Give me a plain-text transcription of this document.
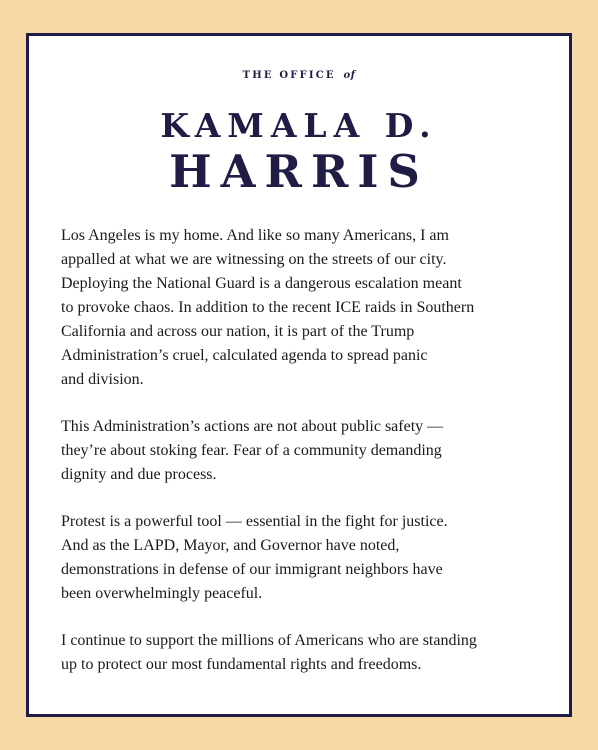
THE OFFICE of
KAMALA D.
HARRIS

Los Angeles is my home. And like so many Americans, I am
appalled at what we are witnessing on the streets of our city.
Deploying the National Guard is a dangerous escalation meant
to provoke chaos. In addition to the recent ICE raids in Southern
California and across our nation, it is part of the Trump
Administration’s cruel, calculated agenda to spread panic
and division.

This Administration’s actions are not about public safety —
they’re about stoking fear. Fear of a community demanding
dignity and due process.

Protest is a powerful tool — essential in the fight for justice.
And as the LAPD, Mayor, and Governor have noted,
demonstrations in defense of our immigrant neighbors have
been overwhelmingly peaceful.

I continue to support the millions of Americans who are standing
up to protect our most fundamental rights and freedoms.
